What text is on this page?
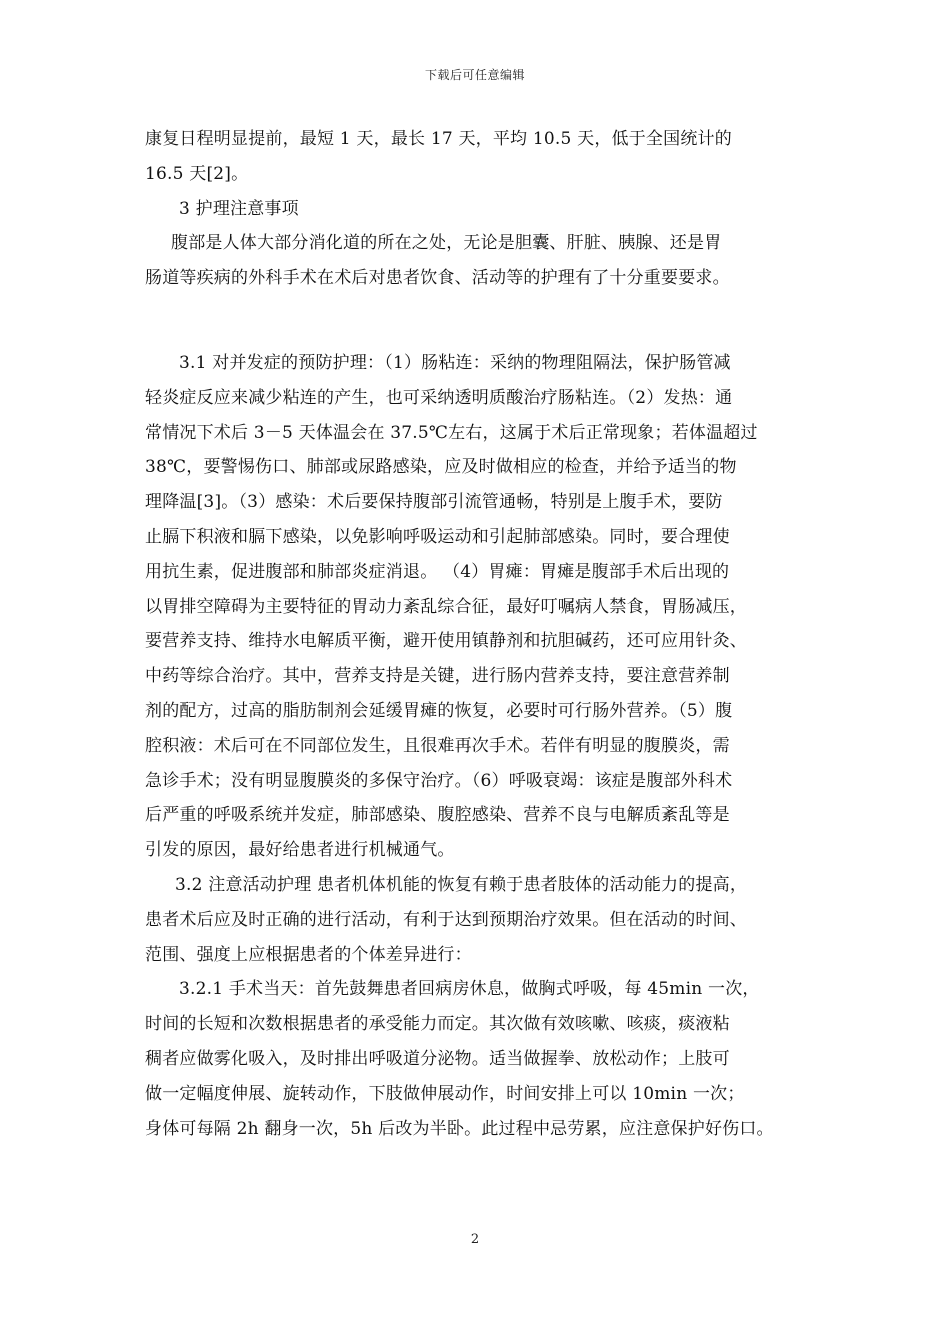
下载后可任意编辑
康复日程明显提前，最短 1 天，最长 17 天，平均 10.5 天，低于全国统计的
16.5 天[2]。
3 护理注意事项
腹部是人体大部分消化道的所在之处，无论是胆囊、肝脏、胰腺、还是胃
肠道等疾病的外科手术在术后对患者饮食、活动等的护理有了十分重要要求。
3.1 对并发症的预防护理：（1）肠粘连：采纳的物理阻隔法，保护肠管减
轻炎症反应来减少粘连的产生，也可采纳透明质酸治疗肠粘连。（2）发热：通
常情况下术后 3－5 天体温会在 37.5℃左右，这属于术后正常现象；若体温超过
38℃，要警惕伤口、肺部或尿路感染，应及时做相应的检查，并给予适当的物
理降温[3]。（3）感染：术后要保持腹部引流管通畅，特别是上腹手术，要防
止膈下积液和膈下感染，以免影响呼吸运动和引起肺部感染。同时，要合理使
用抗生素，促进腹部和肺部炎症消退。 （4）胃瘫：胃瘫是腹部手术后出现的
以胃排空障碍为主要特征的胃动力紊乱综合征，最好叮嘱病人禁食，胃肠减压，
要营养支持、维持水电解质平衡，避开使用镇静剂和抗胆碱药，还可应用针灸、
中药等综合治疗。其中，营养支持是关键，进行肠内营养支持，要注意营养制
剂的配方，过高的脂肪制剂会延缓胃瘫的恢复，必要时可行肠外营养。（5）腹
腔积液：术后可在不同部位发生，且很难再次手术。若伴有明显的腹膜炎，需
急诊手术；没有明显腹膜炎的多保守治疗。（6）呼吸衰竭：该症是腹部外科术
后严重的呼吸系统并发症，肺部感染、腹腔感染、营养不良与电解质紊乱等是
引发的原因，最好给患者进行机械通气。
3.2 注意活动护理 患者机体机能的恢复有赖于患者肢体的活动能力的提高，
患者术后应及时正确的进行活动，有利于达到预期治疗效果。但在活动的时间、
范围、强度上应根据患者的个体差异进行：
3.2.1 手术当天：首先鼓舞患者回病房休息，做胸式呼吸，每 45min 一次，
时间的长短和次数根据患者的承受能力而定。其次做有效咳嗽、咳痰，痰液粘
稠者应做雾化吸入，及时排出呼吸道分泌物。适当做握拳、放松动作；上肢可
做一定幅度伸展、旋转动作，下肢做伸展动作，时间安排上可以 10min 一次；
身体可每隔 2h 翻身一次，5h 后改为半卧。此过程中忌劳累，应注意保护好伤口。
2
